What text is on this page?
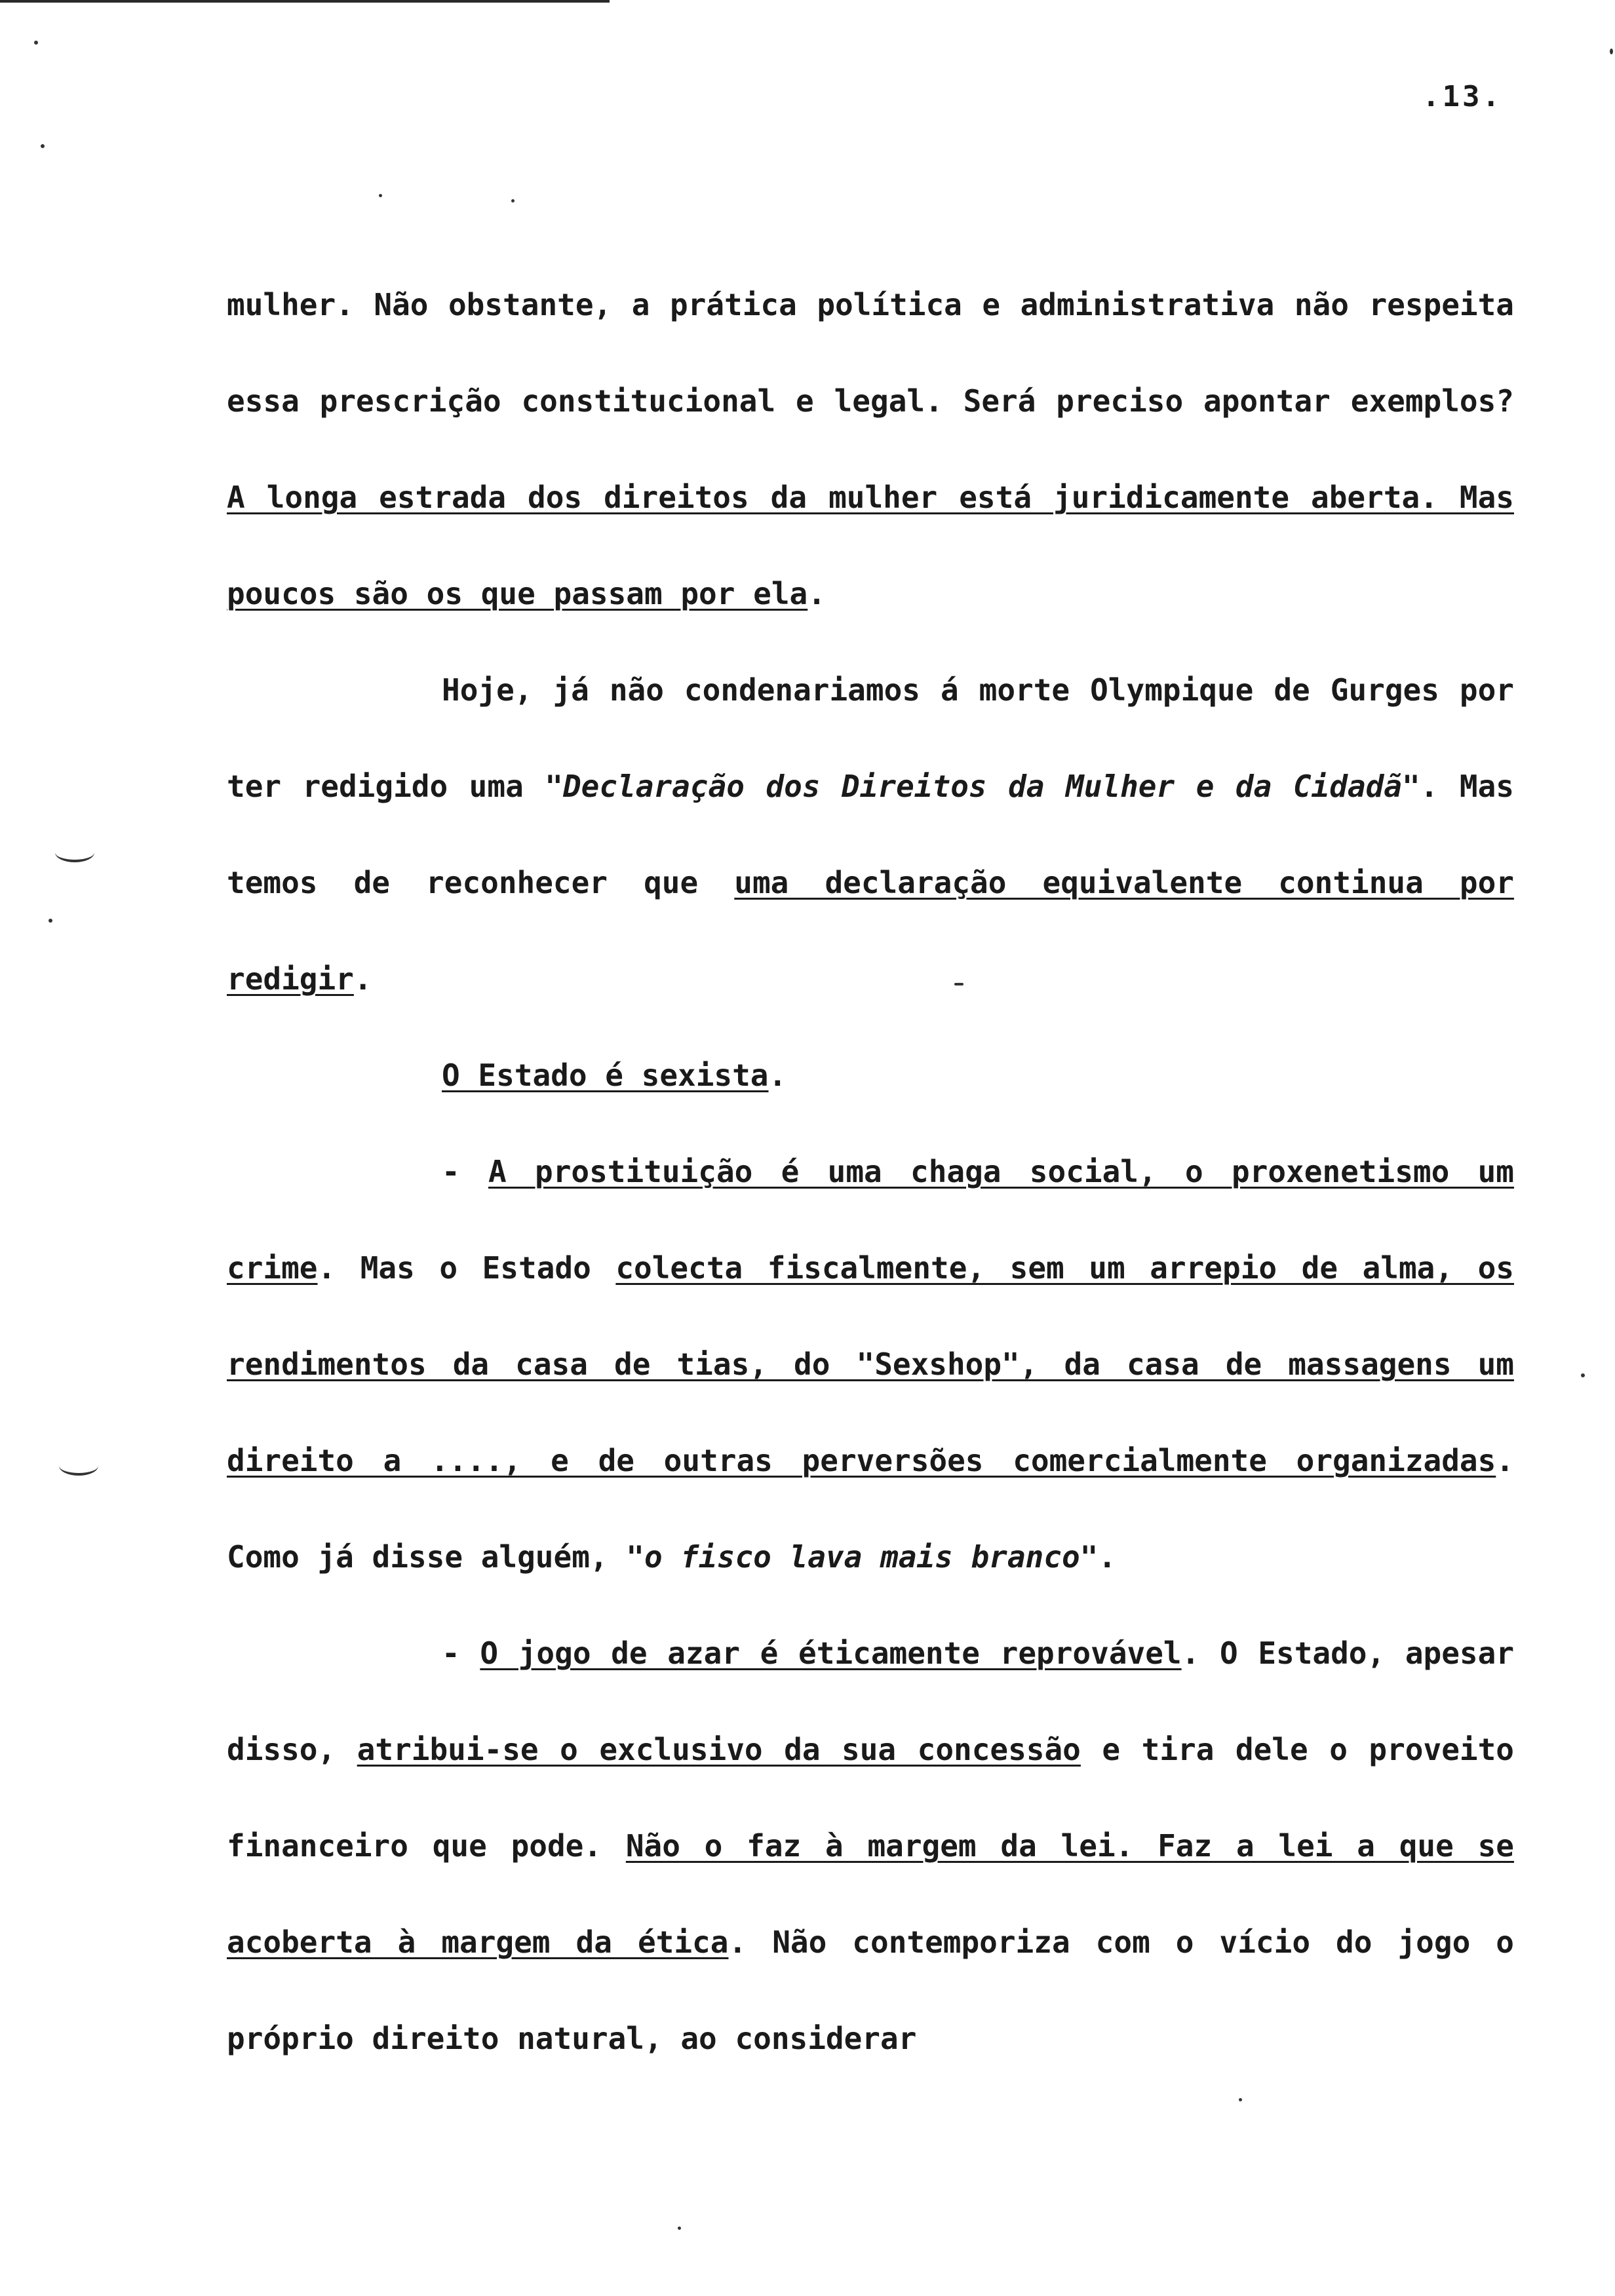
.13.

mulher. Não obstante, a prática política e administrativa não respeita essa prescrição constitucional e legal. Será preciso apontar exemplos? A longa estrada dos direitos da mulher está juridicamente aberta. Mas poucos são os que passam por ela.

Hoje, já não condenariamos á morte Olympique de Gurges por ter redigido uma "Declaração dos Direitos da Mulher e da Cidadã". Mas temos de reconhecer que uma declaração equivalente continua por redigir.

O Estado é sexista.

- A prostituição é uma chaga social, o proxenetismo um crime. Mas o Estado colecta fiscalmente, sem um arrepio de alma, os rendimentos da casa de tias, do "Sexshop", da casa de massagens um direito a ...., e de outras perversões comercialmente organizadas. Como já disse alguém, "o fisco lava mais branco".

- O jogo de azar é éticamente reprovável. O Estado, apesar disso, atribui-se o exclusivo da sua concessão e tira dele o proveito financeiro que pode. Não o faz à margem da lei. Faz a lei a que se acoberta à margem da ética. Não contemporiza com o vício do jogo o próprio direito natural, ao considerar
